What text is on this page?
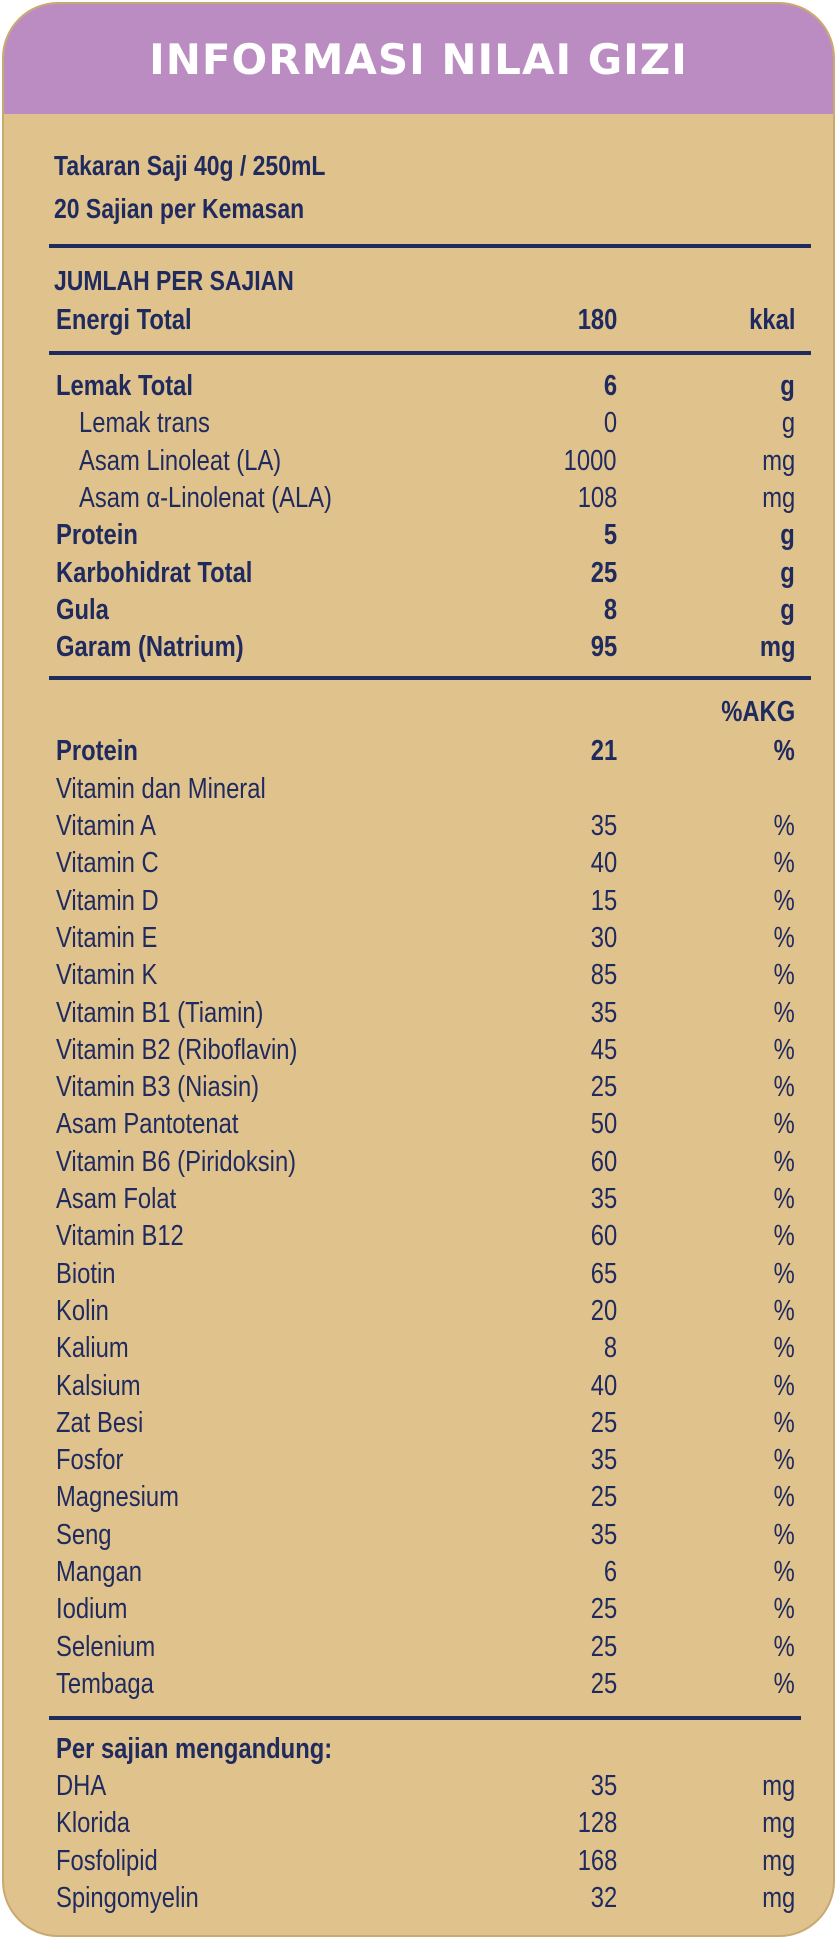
INFORMASI NILAI GIZI
Takaran Saji 40g / 250mL
20 Sajian per Kemasan
JUMLAH PER SAJIAN
Energi Total	180	kkal
Lemak Total	6	g
Lemak trans	0	g
Asam Linoleat (LA)	1000	mg
Asam α-Linolenat (ALA)	108	mg
Protein	5	g
Karbohidrat Total	25	g
Gula	8	g
Garam (Natrium)	95	mg
%AKG
Protein	21	%
Vitamin dan Mineral
Vitamin A	35	%
Vitamin C	40	%
Vitamin D	15	%
Vitamin E	30	%
Vitamin K	85	%
Vitamin B1 (Tiamin)	35	%
Vitamin B2 (Riboflavin)	45	%
Vitamin B3 (Niasin)	25	%
Asam Pantotenat	50	%
Vitamin B6 (Piridoksin)	60	%
Asam Folat	35	%
Vitamin B12	60	%
Biotin	65	%
Kolin	20	%
Kalium	8	%
Kalsium	40	%
Zat Besi	25	%
Fosfor	35	%
Magnesium	25	%
Seng	35	%
Mangan	6	%
Iodium	25	%
Selenium	25	%
Tembaga	25	%
Per sajian mengandung:
DHA	35	mg
Klorida	128	mg
Fosfolipid	168	mg
Spingomyelin	32	mg
